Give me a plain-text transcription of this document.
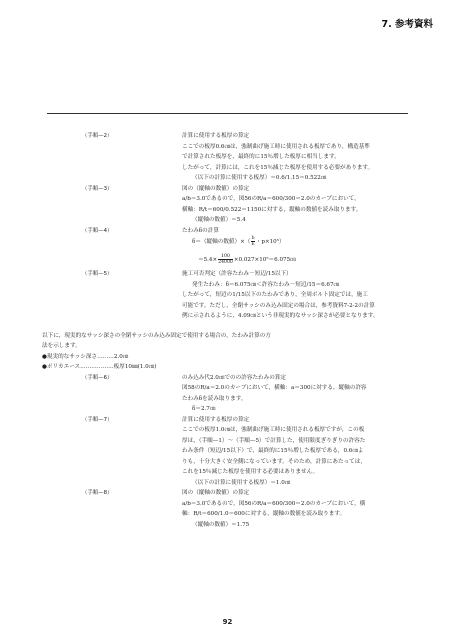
7. 参考資料
（手順—2）	計算に使用する板厚の算定
ここでの板厚0.6㎝は，強制曲げ施工時に使用される板厚であり，構造基準
で計算された板厚を，最終的に15％増した板厚に相当します。
したがって，計算には，これを15％減じた板厚を使用する必要があります。
（以下の計算に使用する板厚）＝0.6/1.15＝0.522㎝
（手順—3）	図の（縦軸の数値）の算定
a/b＝3.0であるので，図56のR/a＝600/300＝2.0のカーブにおいて，
横軸：R/t＝600/0.522＝1150に対する，縦軸の数値を読み取ります。
（縦軸の数値）＝5.4
（手順—4）	たわみδの計算
δ＝（縦軸の数値）×（ $\frac{b}{E}$ ・p×10⁵）
$=5.4\times \frac{100}{24000}$ ×0.027×10⁵＝6.075㎝
（手順—5）	施工可否判定（許容たわみ－短辺/15以下）
発生たわみ：δ＝6.075㎝＜許容たわみ－短辺/15＝6.67㎝
したがって，短辺の1/15以下のたわみであり，全周ボルト固定では，施工
可能です。ただし，全閉サッシのみ込み固定の場合は，参考資料7-2-2の計算
例に示されるように，4.09㎝という非現実的なサッシ深さが必要となります。
以下に，現実的なサッシ深さの全閉サッシのみ込み固定で使用する場合の，たわみ計算の方
法を示します。
●現実的なサッシ深さ………2.0㎝
●ポリカエース………………板厚10㎜(1.0㎝)
（手順—6）	のみ込み代2.0㎝でのの許容たわみの算定
図58のR/a＝2.0のカーブにおいて，横軸：a＝300に対する，縦軸の許容
たわみδを読み取ります。
δ＝2.7㎝
（手順—7）	計算に使用する板厚の算定
ここでの板厚1.0㎝は，強制曲げ施工時に使用される板厚ですが，この板
厚は，（手順—1）～（手順—5）で計算した，使用限度ぎりぎりの許容た
わみ条件（短辺/15以下）で，最終的に15％増した板厚である，0.6㎝よ
りも，十分大きく安全側になっています。そのため，計算にあたっては，
これを15％減じた板厚を使用する必要はありません。
（以下の計算に使用する板厚）＝1.0㎝
（手順—8）	図の（縦軸の数値）の算定
a/b＝3.0であるので，図56のR/a＝600/300＝2.0のカーブにおいて，横
軸：R/t＝600/1.0＝600に対する，縦軸の数値を読み取ります。
（縦軸の数値）＝1.75
92
